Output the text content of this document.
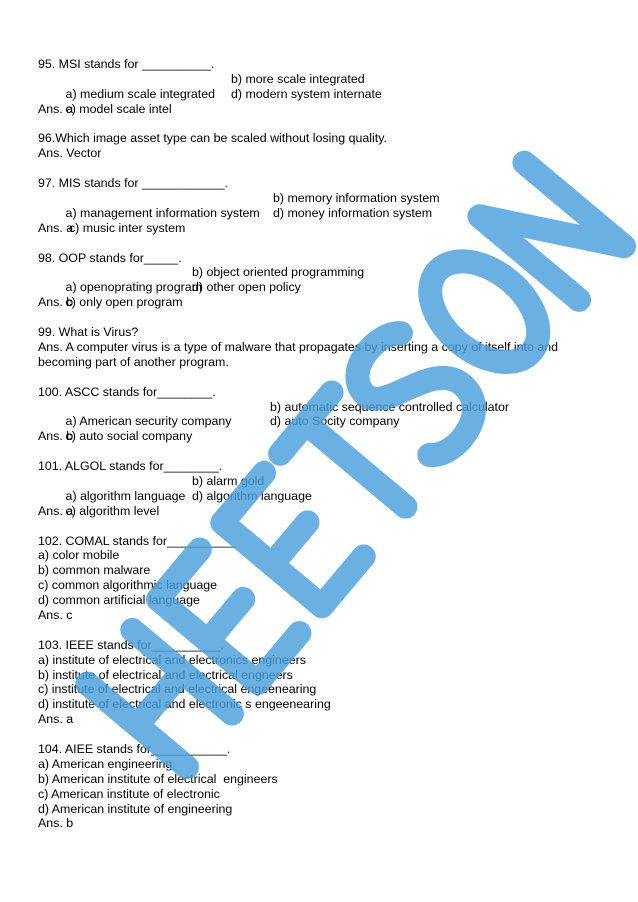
95. MSI stands for __________.

a) medium scale integrated

b) more scale integrated

c) model scale intel

d) modern system internate

Ans. a
96.Which image asset type can be scaled without losing quality.
Ans. Vector
97. MIS stands for ____________.

a) management information system

b) memory information system

c) music inter system

d) money information system

Ans. a
98. OOP stands for_____.

a) openoprating program

b) object oriented programming

c) only open program

d) other open policy

Ans. b
99. What is Virus?
Ans. A computer virus is a type of malware that propagates by inserting a copy of itself into and becoming part of another program.
100. ASCC stands for________.

a) American security company

b) automatic sequence controlled calculator

c) auto social company

d) auto Socity company

Ans. b
101. ALGOL stands for________.

a) algorithm language

b) alarm gold

c) algorithm level

d) algorithm language

Ans. a
102. COMAL stands for__________
a) color mobile
b) common malware
c) common algorithmic language
d) common artificial language
Ans. c
103. IEEE stands for__________.
a) institute of electrical and electronics engineers
b) institute of electrical and electrical engneers
c) institute of electrical and electrical engeenearing
d) institute of electrical and electronic s engeenearing
Ans. a
104. AIEE stands for___________.
a) American engineering
b) American institute of electrical  engineers
c) American institute of electronic
d) American institute of engineering
Ans. b
